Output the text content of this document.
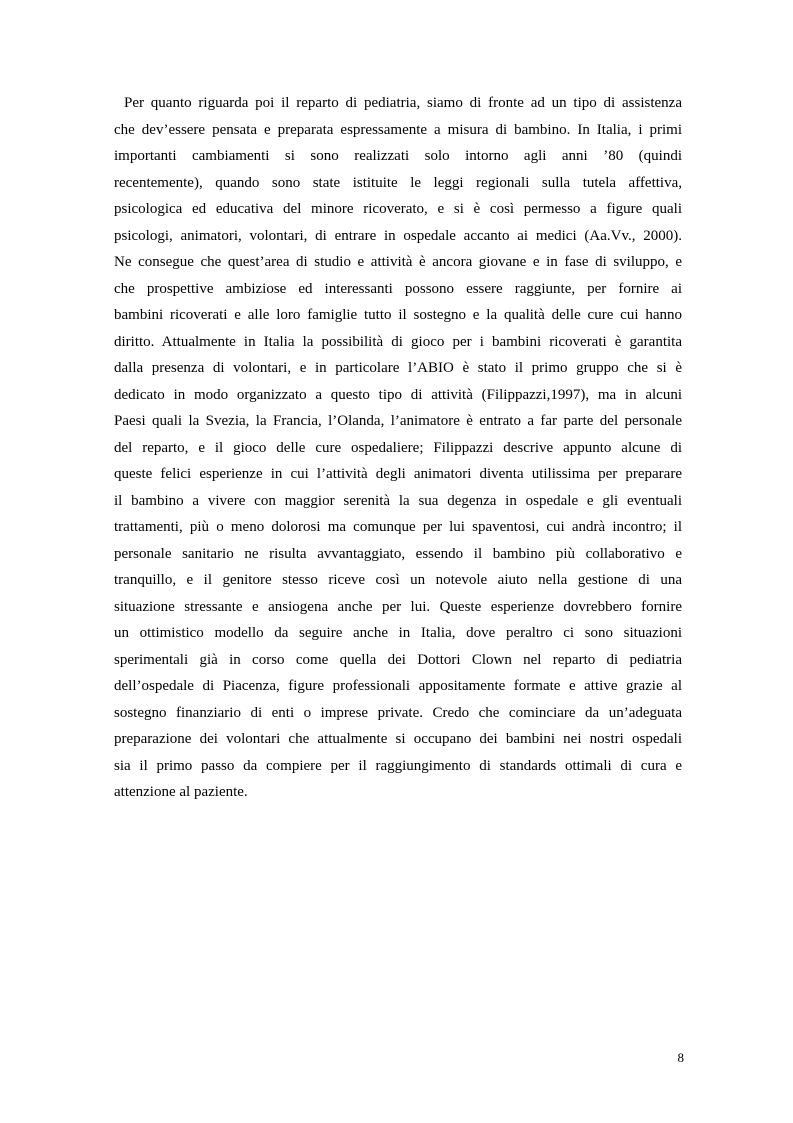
Per quanto riguarda poi il reparto di pediatria, siamo di fronte ad un tipo di assistenza
che dev’essere pensata e preparata espressamente a misura di bambino. In Italia, i primi
importanti cambiamenti si sono realizzati solo intorno agli anni ’80 (quindi
recentemente), quando sono state istituite le leggi regionali sulla tutela affettiva,
psicologica ed educativa del minore ricoverato, e si è così permesso a figure quali
psicologi, animatori, volontari, di entrare in ospedale accanto ai medici (Aa.Vv., 2000).
Ne consegue che quest’area di studio e attività è ancora giovane e in fase di sviluppo, e
che prospettive ambiziose ed interessanti possono essere raggiunte, per fornire ai
bambini ricoverati e alle loro famiglie tutto il sostegno e la qualità delle cure cui hanno
diritto. Attualmente in Italia la possibilità di gioco per i bambini ricoverati è garantita
dalla presenza di volontari, e in particolare l’ABIO è stato il primo gruppo che si è
dedicato in modo organizzato a questo tipo di attività (Filippazzi,1997), ma in alcuni
Paesi quali la Svezia, la Francia, l’Olanda, l’animatore è entrato a far parte del personale
del reparto, e il gioco delle cure ospedaliere; Filippazzi descrive appunto alcune di
queste felici esperienze in cui l’attività degli animatori diventa utilissima per preparare
il bambino a vivere con maggior serenità la sua degenza in ospedale e gli eventuali
trattamenti, più o meno dolorosi ma comunque per lui spaventosi, cui andrà incontro; il
personale sanitario ne risulta avvantaggiato, essendo il bambino più collaborativo e
tranquillo, e il genitore stesso riceve così un notevole aiuto nella gestione di una
situazione stressante e ansiogena anche per lui. Queste esperienze dovrebbero fornire
un ottimistico modello da seguire anche in Italia, dove peraltro ci sono situazioni
sperimentali già in corso come quella dei Dottori Clown nel reparto di pediatria
dell’ospedale di Piacenza, figure professionali appositamente formate e attive grazie al
sostegno finanziario di enti o imprese private. Credo che cominciare da un’adeguata
preparazione dei volontari che attualmente si occupano dei bambini nei nostri ospedali
sia il primo passo da compiere per il raggiungimento di standards ottimali di cura e
attenzione al paziente.

8
